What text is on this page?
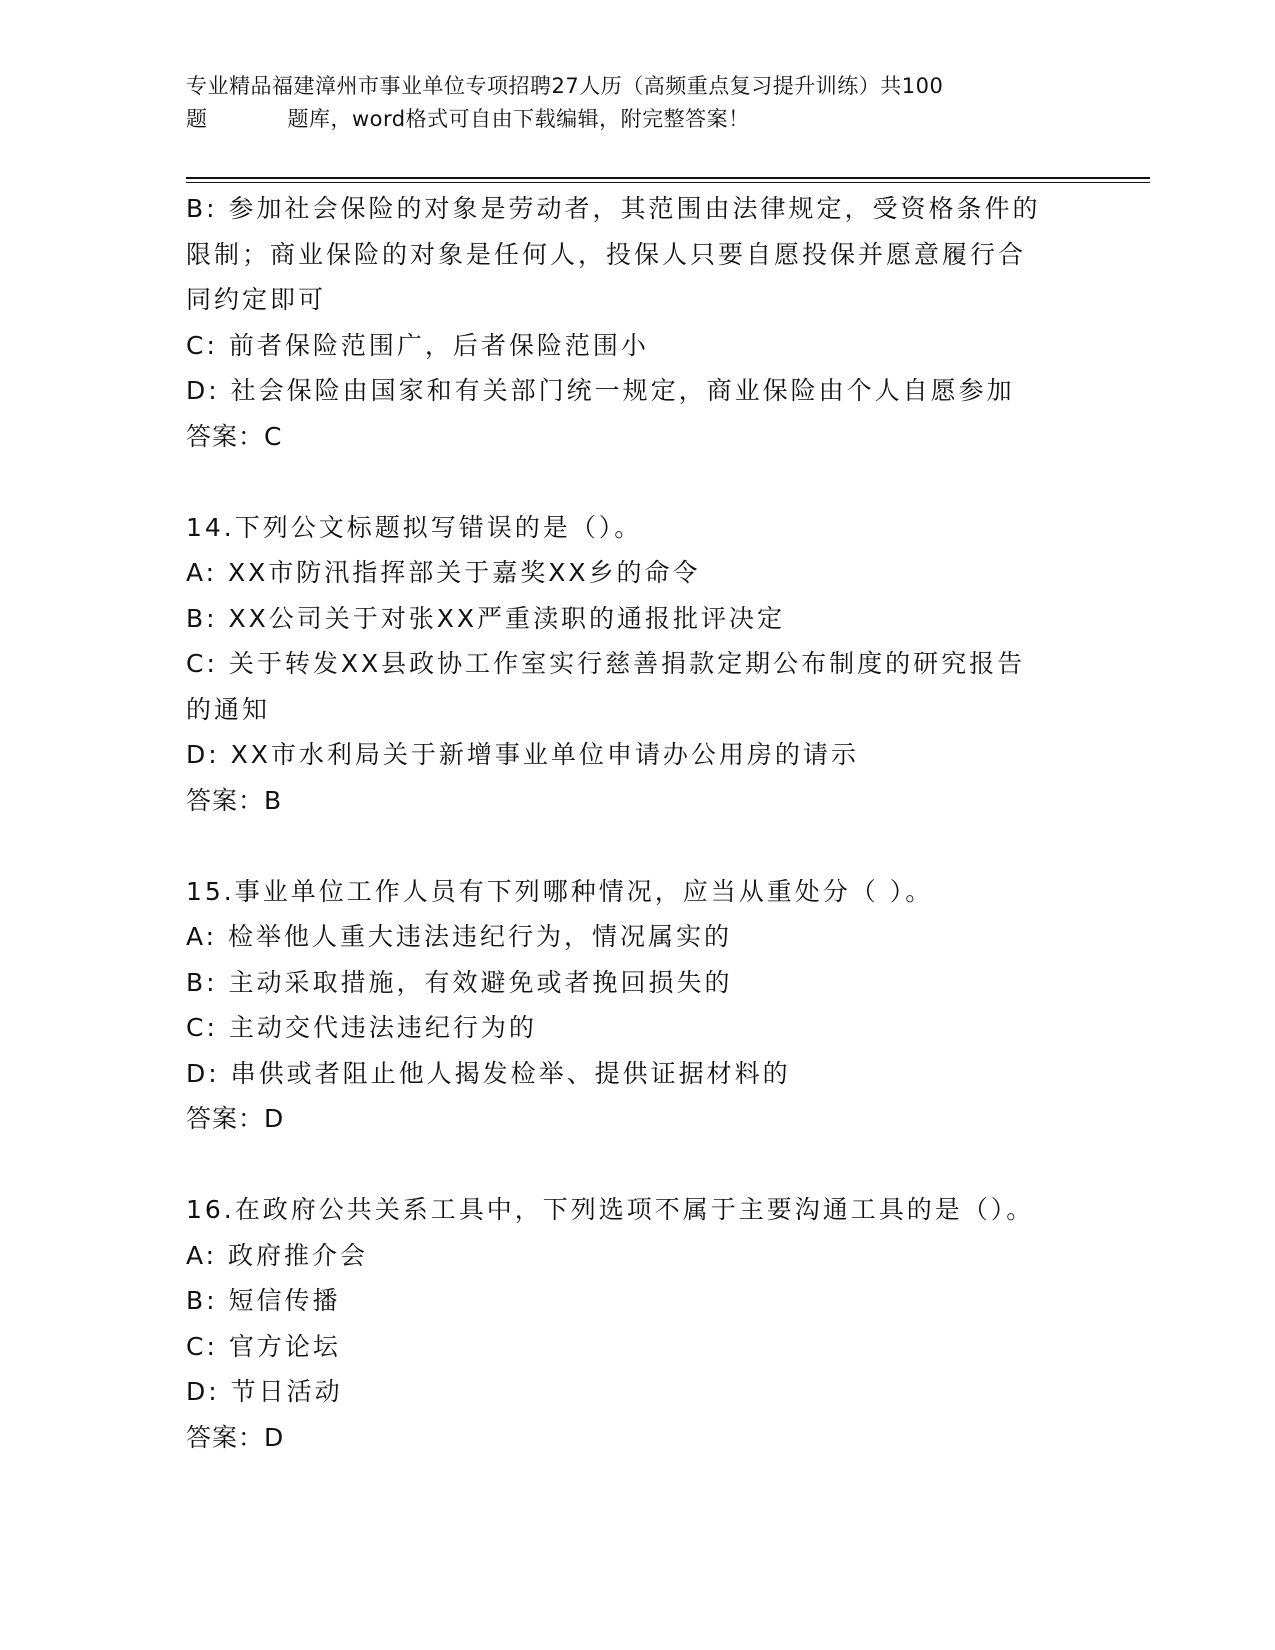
专业精品福建漳州市事业单位专项招聘27人历（高频重点复习提升训练）共100
题	题库，word格式可自由下载编辑，附完整答案！

B: 参加社会保险的对象是劳动者，其范围由法律规定，受资格条件的

限制；商业保险的对象是任何人，投保人只要自愿投保并愿意履行合

同约定即可

C: 前者保险范围广，后者保险范围小

D: 社会保险由国家和有关部门统一规定，商业保险由个人自愿参加

答案：C

14.下列公文标题拟写错误的是（）。

A: XX市防汛指挥部关于嘉奖XX乡的命令

B: XX公司关于对张XX严重渎职的通报批评决定

C: 关于转发XX县政协工作室实行慈善捐款定期公布制度的研究报告

的通知

D: XX市水利局关于新增事业单位申请办公用房的请示

答案：B

15.事业单位工作人员有下列哪种情况，应当从重处分（ ）。

A: 检举他人重大违法违纪行为，情况属实的

B: 主动采取措施，有效避免或者挽回损失的

C: 主动交代违法违纪行为的

D: 串供或者阻止他人揭发检举、提供证据材料的

答案：D

16.在政府公共关系工具中，下列选项不属于主要沟通工具的是（）。

A: 政府推介会

B: 短信传播

C: 官方论坛

D: 节日活动

答案：D
